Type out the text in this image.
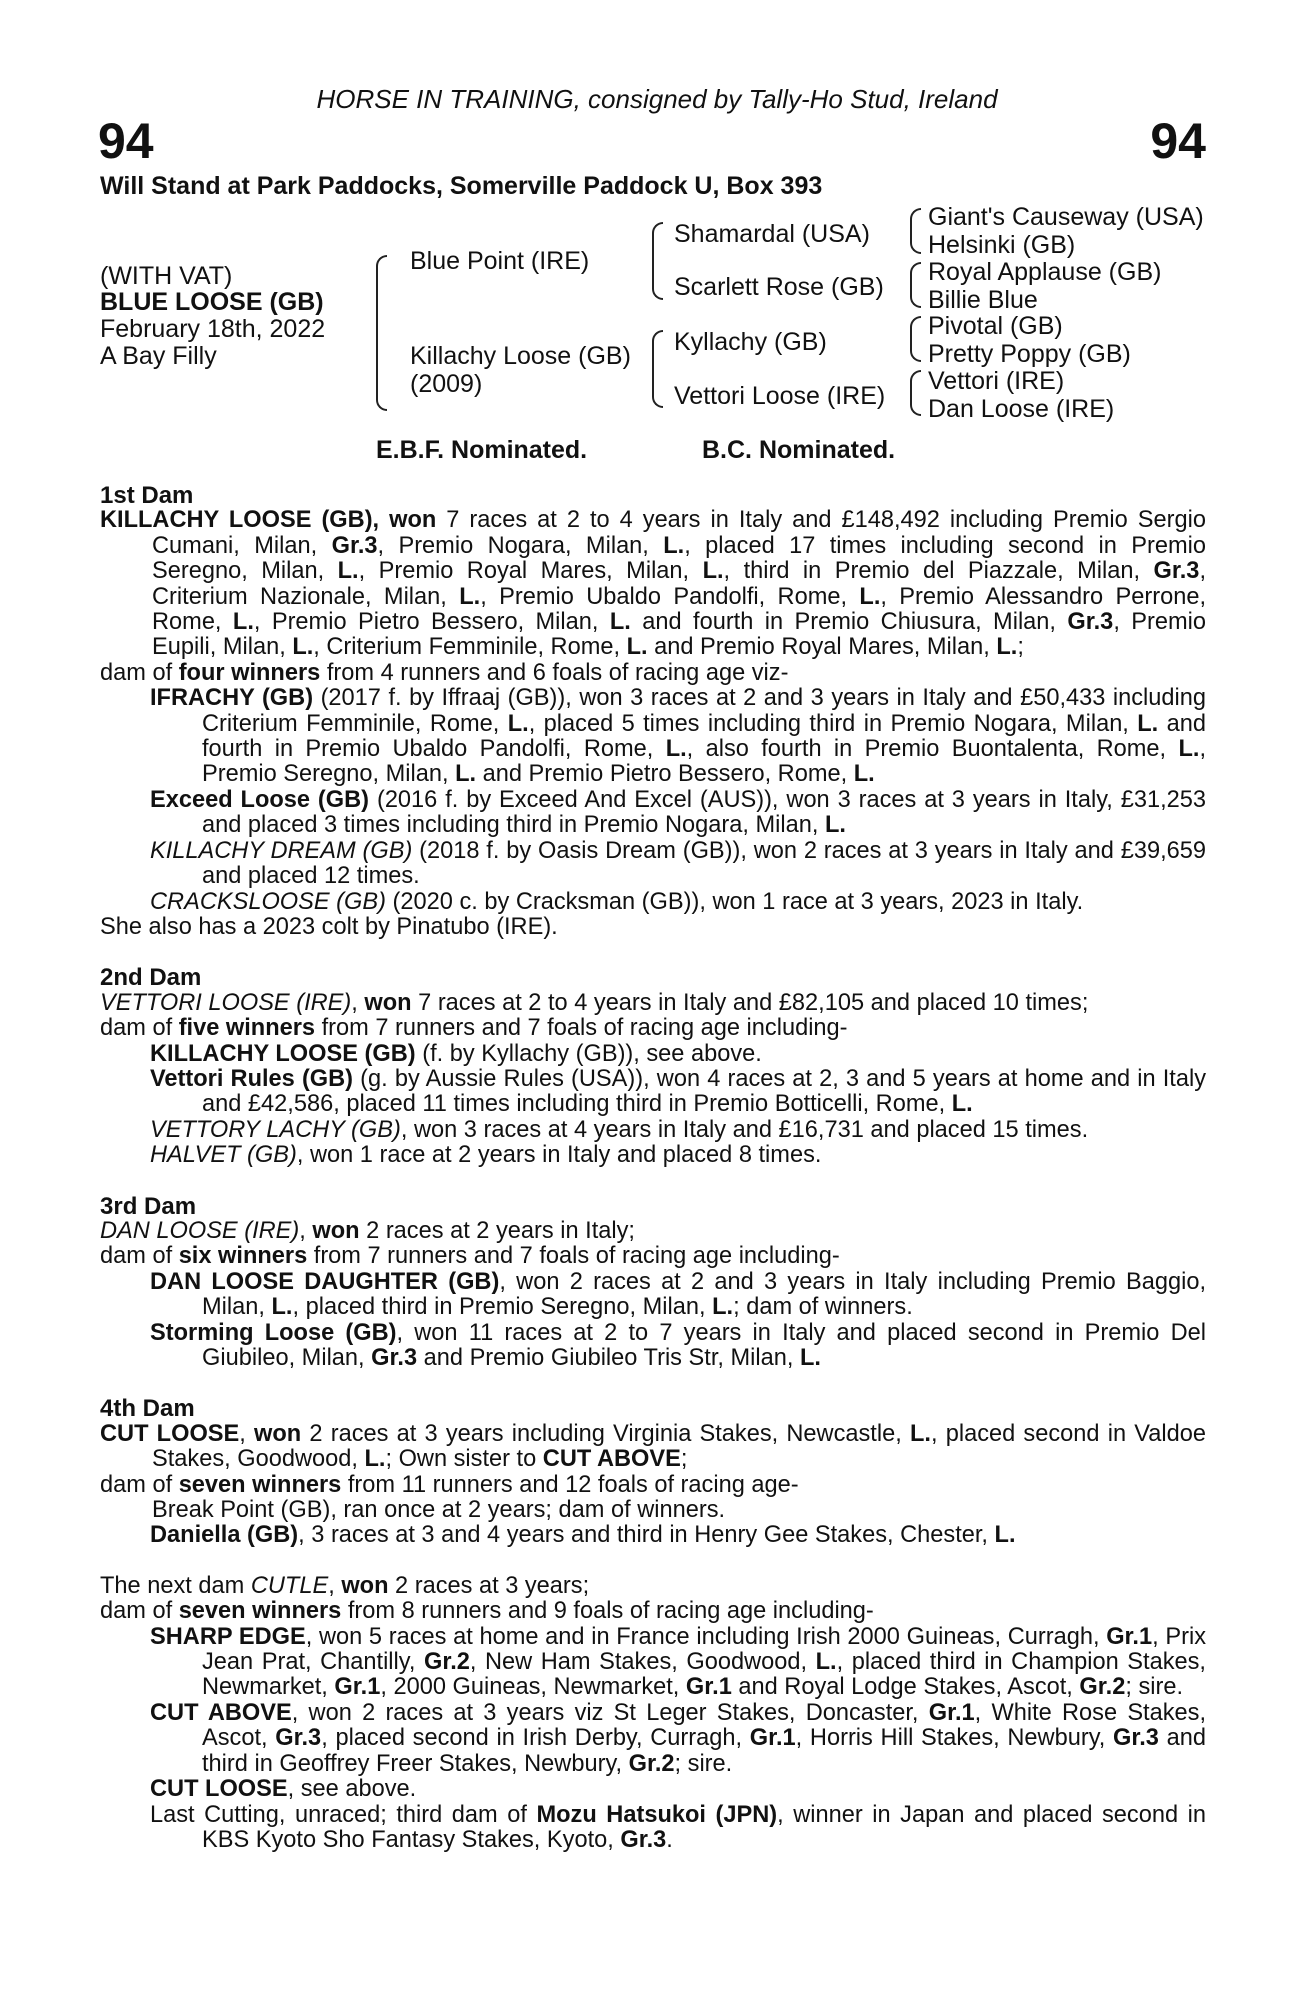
HORSE IN TRAINING, consigned by Tally-Ho Stud, Ireland
94	94
Will Stand at Park Paddocks, Somerville Paddock U, Box 393
(WITH VAT)
BLUE LOOSE (GB)
February 18th, 2022
A Bay Filly
Blue Point (IRE)
Killachy Loose (GB)
(2009)
Shamardal (USA)
Scarlett Rose (GB)
Kyllachy (GB)
Vettori Loose (IRE)
Giant's Causeway (USA)
Helsinki (GB)
Royal Applause (GB)
Billie Blue
Pivotal (GB)
Pretty Poppy (GB)
Vettori (IRE)
Dan Loose (IRE)
E.B.F. Nominated.	B.C. Nominated.

1st Dam

KILLACHY LOOSE (GB), won 7 races at 2 to 4 years in Italy and £148,492 including Premio Sergio Cumani, Milan, Gr.3, Premio Nogara, Milan, L., placed 17 times including second in Premio Seregno, Milan, L., Premio Royal Mares, Milan, L., third in Premio del Piazzale, Milan, Gr.3, Criterium Nazionale, Milan, L., Premio Ubaldo Pandolfi, Rome, L., Premio Alessandro Perrone, Rome, L., Premio Pietro Bessero, Milan, L. and fourth in Premio Chiusura, Milan, Gr.3, Premio Eupili, Milan, L., Criterium Femminile, Rome, L. and Premio Royal Mares, Milan, L.;

dam of four winners from 4 runners and 6 foals of racing age viz-

IFRACHY (GB) (2017 f. by Iffraaj (GB)), won 3 races at 2 and 3 years in Italy and £50,433 including Criterium Femminile, Rome, L., placed 5 times including third in Premio Nogara, Milan, L. and fourth in Premio Ubaldo Pandolfi, Rome, L., also fourth in Premio Buontalenta, Rome, L., Premio Seregno, Milan, L. and Premio Pietro Bessero, Rome, L.

Exceed Loose (GB) (2016 f. by Exceed And Excel (AUS)), won 3 races at 3 years in Italy, £31,253 and placed 3 times including third in Premio Nogara, Milan, L.

KILLACHY DREAM (GB) (2018 f. by Oasis Dream (GB)), won 2 races at 3 years in Italy and £39,659 and placed 12 times.

CRACKSLOOSE (GB) (2020 c. by Cracksman (GB)), won 1 race at 3 years, 2023 in Italy.

She also has a 2023 colt by Pinatubo (IRE).

2nd Dam

VETTORI LOOSE (IRE), won 7 races at 2 to 4 years in Italy and £82,105 and placed 10 times;

dam of five winners from 7 runners and 7 foals of racing age including-

KILLACHY LOOSE (GB) (f. by Kyllachy (GB)), see above.

Vettori Rules (GB) (g. by Aussie Rules (USA)), won 4 races at 2, 3 and 5 years at home and in Italy and £42,586, placed 11 times including third in Premio Botticelli, Rome, L.

VETTORY LACHY (GB), won 3 races at 4 years in Italy and £16,731 and placed 15 times.

HALVET (GB), won 1 race at 2 years in Italy and placed 8 times.

3rd Dam

DAN LOOSE (IRE), won 2 races at 2 years in Italy;

dam of six winners from 7 runners and 7 foals of racing age including-

DAN LOOSE DAUGHTER (GB), won 2 races at 2 and 3 years in Italy including Premio Baggio, Milan, L., placed third in Premio Seregno, Milan, L.; dam of winners.

Storming Loose (GB), won 11 races at 2 to 7 years in Italy and placed second in Premio Del Giubileo, Milan, Gr.3 and Premio Giubileo Tris Str, Milan, L.

4th Dam

CUT LOOSE, won 2 races at 3 years including Virginia Stakes, Newcastle, L., placed second in Valdoe Stakes, Goodwood, L.; Own sister to CUT ABOVE;

dam of seven winners from 11 runners and 12 foals of racing age-

Break Point (GB), ran once at 2 years; dam of winners.

Daniella (GB), 3 races at 3 and 4 years and third in Henry Gee Stakes, Chester, L.

The next dam CUTLE, won 2 races at 3 years;

dam of seven winners from 8 runners and 9 foals of racing age including-

SHARP EDGE, won 5 races at home and in France including Irish 2000 Guineas, Curragh, Gr.1, Prix Jean Prat, Chantilly, Gr.2, New Ham Stakes, Goodwood, L., placed third in Champion Stakes, Newmarket, Gr.1, 2000 Guineas, Newmarket, Gr.1 and Royal Lodge Stakes, Ascot, Gr.2; sire.

CUT ABOVE, won 2 races at 3 years viz St Leger Stakes, Doncaster, Gr.1, White Rose Stakes, Ascot, Gr.3, placed second in Irish Derby, Curragh, Gr.1, Horris Hill Stakes, Newbury, Gr.3 and third in Geoffrey Freer Stakes, Newbury, Gr.2; sire.

CUT LOOSE, see above.

Last Cutting, unraced; third dam of Mozu Hatsukoi (JPN), winner in Japan and placed second in KBS Kyoto Sho Fantasy Stakes, Kyoto, Gr.3.
